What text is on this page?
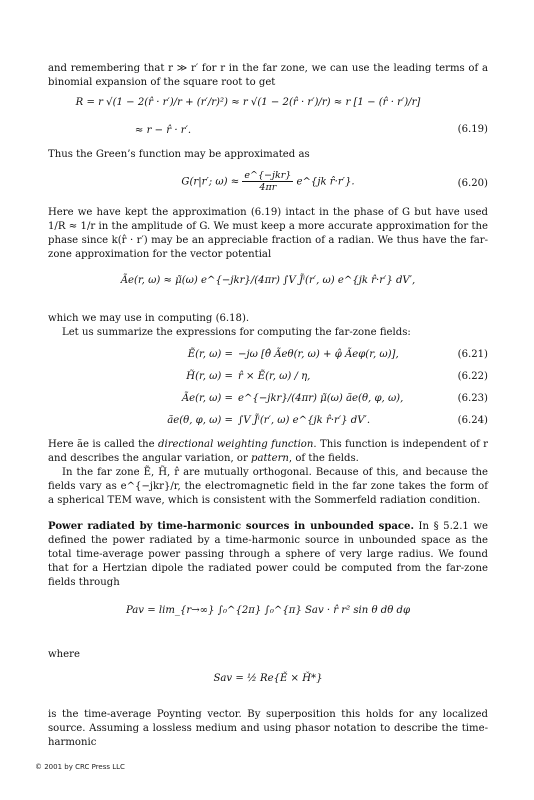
and remembering that r ≫ r′ for r in the far zone, we can use the leading terms of a binomial expansion of the square root to get

R = r √(1 − 2(r̂ · r′)/r + (r′/r)²) ≈ r √(1 − 2(r̂ · r′)/r) ≈ r [1 − (r̂ · r′)/r]
≈ r − r̂ · r′.	(6.19)

Thus the Green’s function may be approximated as

G(r|r′; $\omega) \approx \frac{\text{e\textasciicircum{}\{−jkr\}}}{4\pi r}$ e^{jk r̂·r′}.	(6.20)

Here we have kept the approximation (6.19) intact in the phase of G but have used 1/R ≈ 1/r in the amplitude of G. We must keep a more accurate approximation for the phase since k(r̂ · r′) may be an appreciable fraction of a radian. We thus have the far-zone approximation for the vector potential

Ãe(r, ω) ≈ μ̃(ω) e^{−jkr}/(4πr) ∫V J̃ⁱ(r′, ω) e^{jk r̂·r′} dV′,

which we may use in computing (6.18).

Let us summarize the expressions for computing the far-zone fields:

Ẽ(r, ω) = −jω [θ̂ Ãeθ(r, ω) + φ̂ Ãeφ(r, ω)],	(6.21)
H̃(r, ω) = r̂ × Ẽ(r, ω) / η,	(6.22)
Ãe(r, ω) = e^{−jkr}/(4πr) μ̃(ω) ãe(θ, φ, ω),	(6.23)
ãe(θ, φ, ω) = ∫V J̃ⁱ(r′, ω) e^{jk r̂·r′} dV′.	(6.24)

Here ãe is called the directional weighting function. This function is independent of r and describes the angular variation, or pattern, of the fields.

In the far zone Ẽ, H̃, r̂ are mutually orthogonal. Because of this, and because the fields vary as e^{−jkr}/r, the electromagnetic field in the far zone takes the form of a spherical TEM wave, which is consistent with the Sommerfeld radiation condition.

Power radiated by time-harmonic sources in unbounded space. In § 5.2.1 we defined the power radiated by a time-harmonic source in unbounded space as the total time-average power passing through a sphere of very large radius. We found that for a Hertzian dipole the radiated power could be computed from the far-zone fields through

Pav = lim_{r→∞} ∫₀^{2π} ∫₀^{π} Sav · r̂ r² sin θ dθ dφ

where

Sav = ½ Re{Ě × Ȟ*}

is the time-average Poynting vector. By superposition this holds for any localized source. Assuming a lossless medium and using phasor notation to describe the time-harmonic

© 2001 by CRC Press LLC
